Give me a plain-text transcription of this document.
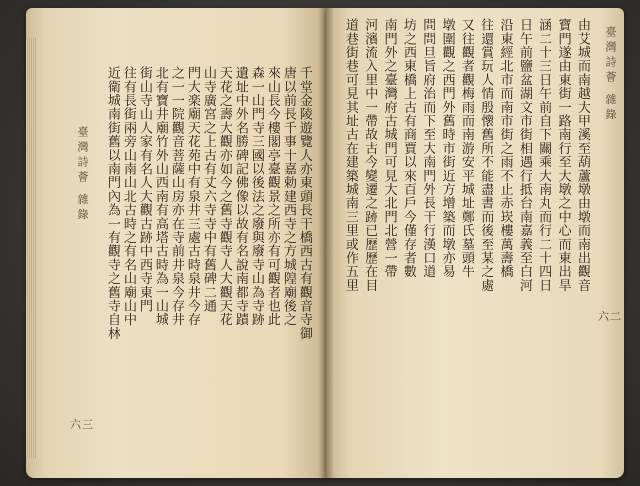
臺灣詩薈 雜錄
六三
千堂金陵遊覽人亦東頭長干橋西古有觀音寺御
唐以前長千事十嘉勅建西寺之方城隍廟後之
來山長今樓閣亭臺觀景之所亦有可觀者也此
森一山門寺三國以後法之廢與廢寺山為寺跡
遺址中外名勝碑記佛像以故有名說南都寺蹟
天花之壽大觀亦如今之舊寺觀寺人大觀天花
山寺廣宮之上古有丈六寺寺中有舊碑二通
門大楽廟天花苑中有泉井三處古時泉井今存
之一一院觀音菩薩山房亦在寺前井泉今存井
北有寶井廟竹外山西南有高塔古時為一山城
街山寺山人家有名人大觀古跡中西寺東門
往有長街兩旁山南山北古時之有名山廟山中
近衛城南街舊以南門內為一有觀寺之舊寺自林	臺灣詩薈 雜錄
六二
由艾城而南越大甲溪至葫蘆墩由墩而南出觀音
寶門遂由東街一路南行至大墩之中心而東出旱
涵二十三日午前自下關乘大南丸而行二十四日
日午前鹽盆湖文市街相遇行抵台南嘉義至白河
沿東經北市而南市街之雨不止赤崁樓萬壽橋
往還賞玩人情殷懷舊所不能盡書而後至某之處
又往觀者觀梅雨而南游安平城址鄭氏墓頭牛
墩圍觀之西門外舊時市街近方增築而墩亦易
問問旦旨府治而下至大南門外長干行漢口道
坊之西東橋上古有商賈以來百戶今僅存者數
南門外之臺灣府古城門可見大北門北營一帶
河濱流入里中一帶故古今變遷之跡已歷歷在目
道巷街巷可見其址古在建築城南三里或作五里
